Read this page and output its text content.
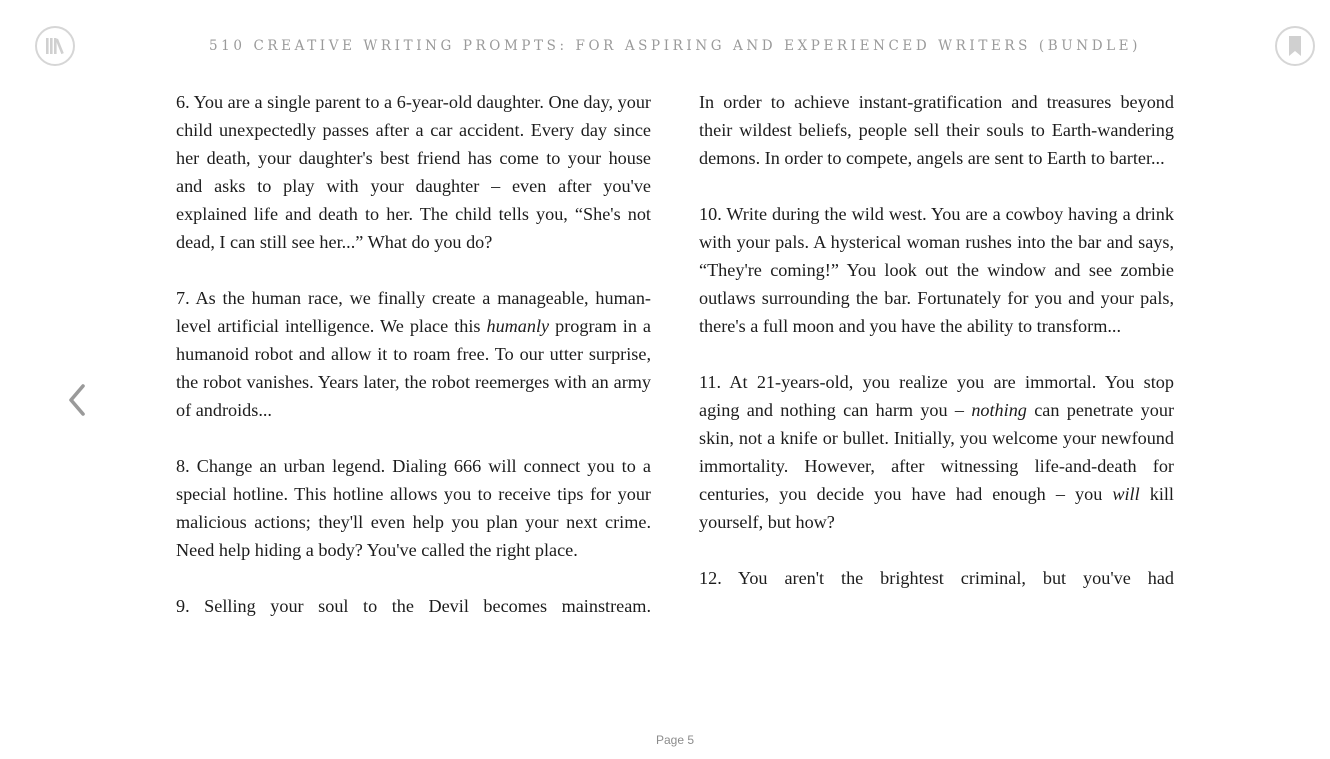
510 CREATIVE WRITING PROMPTS: FOR ASPIRING AND EXPERIENCED WRITERS (BUNDLE)

6. You are a single parent to a 6-year-old daughter. One day, your child unexpectedly passes after a car accident. Every day since her death, your daughter's best friend has come to your house and asks to play with your daughter – even after you've explained life and death to her. The child tells you, “She's not dead, I can still see her...” What do you do?

7. As the human race, we finally create a manageable, human-level artificial intelligence. We place this humanly program in a humanoid robot and allow it to roam free. To our utter surprise, the robot vanishes. Years later, the robot reemerges with an army of androids...

8. Change an urban legend. Dialing 666 will connect you to a special hotline. This hotline allows you to receive tips for your malicious actions; they'll even help you plan your next crime. Need help hiding a body? You've called the right place.

9. Selling your soul to the Devil becomes mainstream.

In order to achieve instant-gratification and treasures beyond their wildest beliefs, people sell their souls to Earth-wandering demons. In order to compete, angels are sent to Earth to barter...

10. Write during the wild west. You are a cowboy having a drink with your pals. A hysterical woman rushes into the bar and says, “They're coming!” You look out the window and see zombie outlaws surrounding the bar. Fortunately for you and your pals, there's a full moon and you have the ability to transform...

11. At 21-years-old, you realize you are immortal. You stop aging and nothing can harm you – nothing can penetrate your skin, not a knife or bullet. Initially, you welcome your newfound immortality. However, after witnessing life-and-death for centuries, you decide you have had enough – you will kill yourself, but how?

12. You aren't the brightest criminal, but you've had

Page 5
